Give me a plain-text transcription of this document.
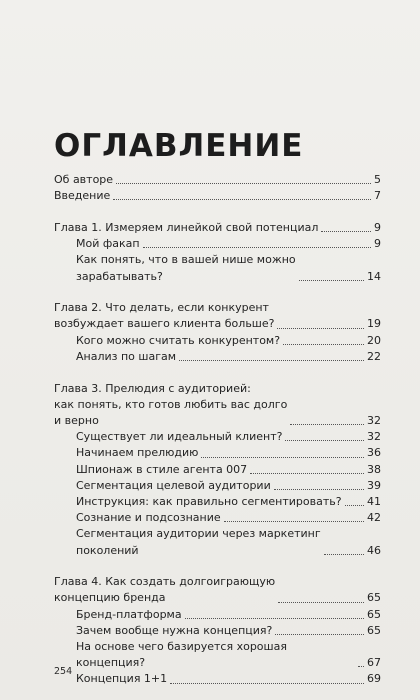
ОГЛАВЛЕНИЕ
Об авторе	5
Введение	7
Глава 1. Измеряем линейкой свой потенциал	9
Мой факап	9
Как понять, что в вашей нише можно
зарабатывать?	14
Глава 2. Что делать, если конкурент
возбуждает вашего клиента больше?	19
Кого можно считать конкурентом?	20
Анализ по шагам	22
Глава 3. Прелюдия с аудиторией:
как понять, кто готов любить вас долго
и верно	32
Существует ли идеальный клиент?	32
Начинаем прелюдию	36
Шпионаж в стиле агента 007	38
Сегментация целевой аудитории	39
Инструкция: как правильно сегментировать? 41
Сознание и подсознание	42
Сегментация аудитории через маркетинг
поколений	46
Глава 4. Как создать долгоиграющую
концепцию бренда	65
Бренд-платформа	65
Зачем вообще нужна концепция?	65
На основе чего базируется хорошая концепция?	67
Концепция 1+1	69
254
